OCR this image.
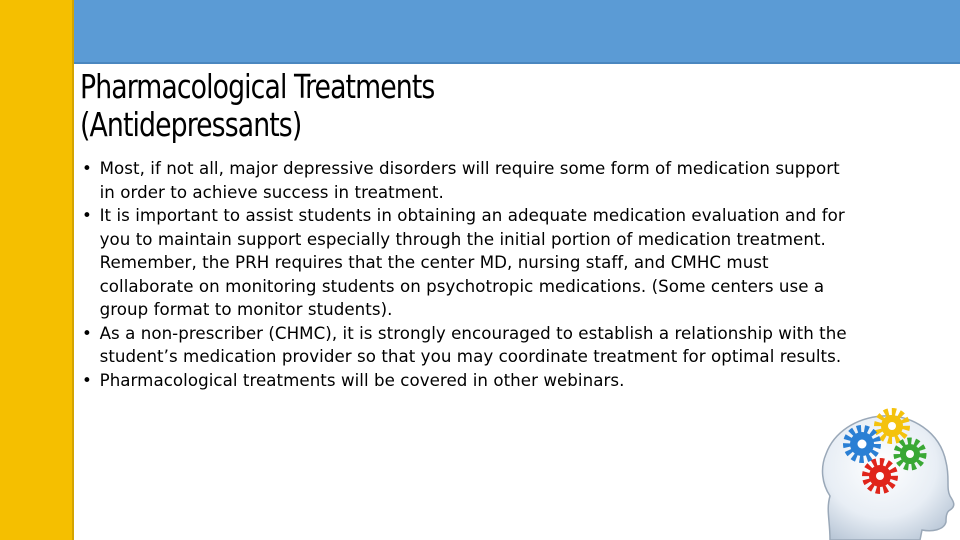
Pharmacological Treatments
(Antidepressants)
• Most, if not all, major depressive disorders will require some form of medication support in order to achieve success in treatment.
• It is important to assist students in obtaining an adequate medication evaluation and for you to maintain support especially through the initial portion of medication treatment. Remember, the PRH requires that the center MD, nursing staff, and CMHC must collaborate on monitoring students on psychotropic medications. (Some centers use a group format to monitor students).
• As a non-prescriber (CHMC), it is strongly encouraged to establish a relationship with the student’s medication provider so that you may coordinate treatment for optimal results.
• Pharmacological treatments will be covered in other webinars.
